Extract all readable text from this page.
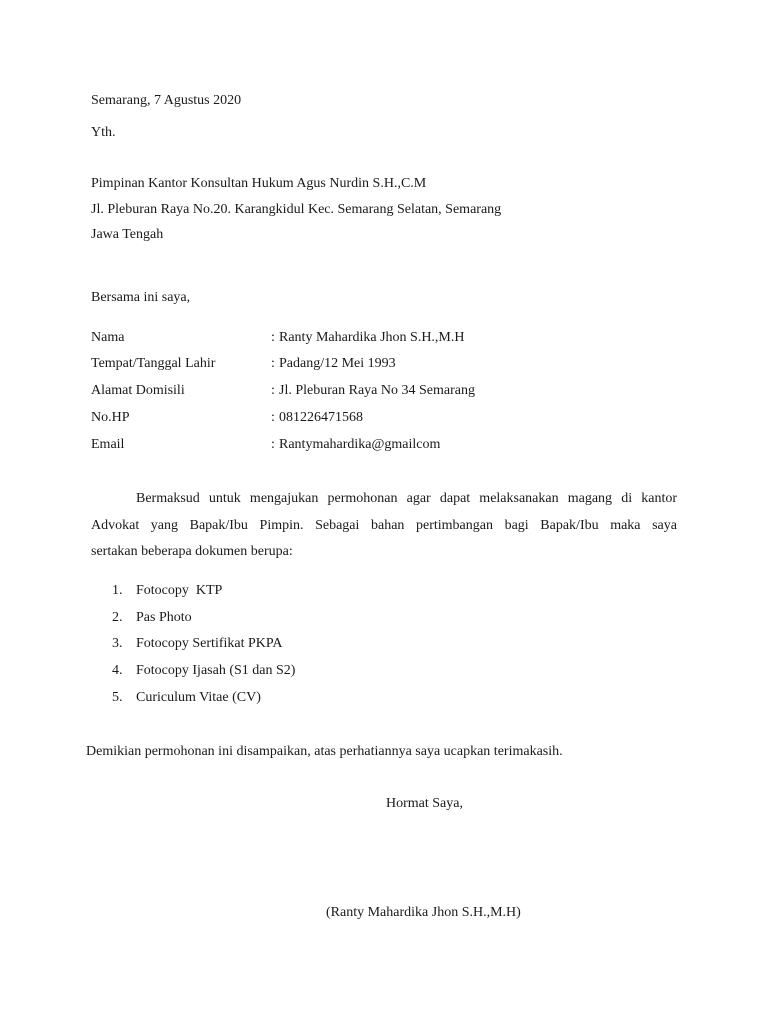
Semarang, 7 Agustus 2020
Yth.
Pimpinan Kantor Konsultan Hukum Agus Nurdin S.H.,C.M
Jl. Pleburan Raya No.20. Karangkidul Kec. Semarang Selatan, Semarang
Jawa Tengah
Bersama ini saya,
Nama	: Ranty Mahardika Jhon S.H.,M.H
Tempat/Tanggal Lahir	: Padang/12 Mei 1993
Alamat Domisili	: Jl. Pleburan Raya No 34 Semarang
No.HP	: 081226471568
Email	: Rantymahardika@gmailcom
Bermaksud untuk mengajukan permohonan agar dapat melaksanakan magang di kantor
Advokat yang Bapak/Ibu Pimpin. Sebagai bahan pertimbangan bagi Bapak/Ibu maka saya
sertakan beberapa dokumen berupa:
1. Fotocopy  KTP
2. Pas Photo
3. Fotocopy Sertifikat PKPA
4. Fotocopy Ijasah (S1 dan S2)
5. Curiculum Vitae (CV)
Demikian permohonan ini disampaikan, atas perhatiannya saya ucapkan terimakasih.
Hormat Saya,
(Ranty Mahardika Jhon S.H.,M.H)
